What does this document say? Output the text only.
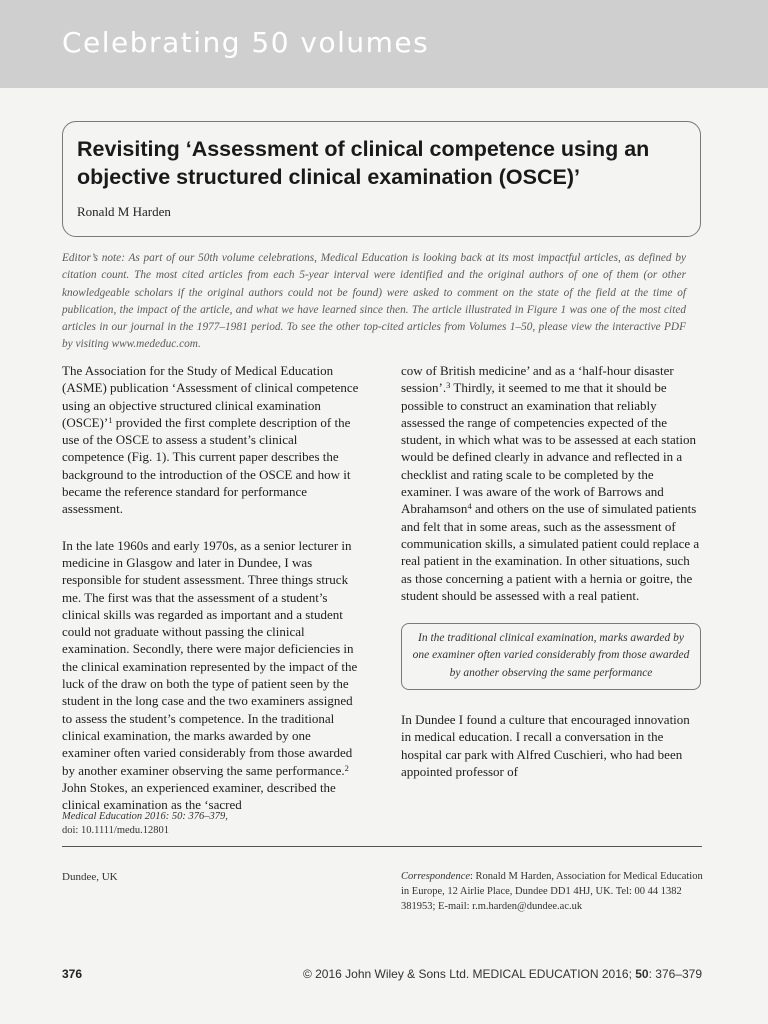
Celebrating 50 volumes
Revisiting ‘Assessment of clinical competence using an objective structured clinical examination (OSCE)’
Ronald M Harden

Editor’s note: As part of our 50th volume celebrations, Medical Education is looking back at its most impactful articles, as defined by citation count. The most cited articles from each 5-year interval were identified and the original authors of one of them (or other knowledgeable scholars if the original authors could not be found) were asked to comment on the state of the field at the time of publication, the impact of the article, and what we have learned since then. The article illustrated in Figure 1 was one of the most cited articles in our journal in the 1977–1981 period. To see the other top-cited articles from Volumes 1–50, please view the interactive PDF by visiting www.meded​uc.com.

The Association for the Study of Medical Education (ASME) publication ‘Assessment of clinical competence using an objective structured clinical examination (OSCE)’$^1$ provided the first complete description of the use of the OSCE to assess a student’s clinical competence (Fig. 1). This current paper describes the background to the introduction of the OSCE and how it became the reference standard for performance assessment.

In the late 1960s and early 1970s, as a senior lecturer in medicine in Glasgow and later in Dundee, I was responsible for student assessment. Three things struck me. The first was that the assessment of a student’s clinical skills was regarded as important and a student could not graduate without passing the clinical examination. Secondly, there were major deficiencies in the clinical examination represented by the impact of the luck of the draw on both the type of patient seen by the student in the long case and the two examiners assigned to assess the student’s competence. In the traditional clinical examination, the marks awarded by one examiner often varied considerably from those awarded by another examiner observing the same performance.$^2$ John Stokes, an experienced examiner, described the clinical examination as the ‘sacred

cow of British medicine’ and as a ‘half-hour disaster session’.$^3$ Thirdly, it seemed to me that it should be possible to construct an examination that reliably assessed the range of competencies expected of the student, in which what was to be assessed at each station would be defined clearly in advance and reflected in a checklist and rating scale to be completed by the examiner. I was aware of the work of Barrows and Abrahamson$^4$ and others on the use of simulated patients and felt that in some areas, such as the assessment of communication skills, a simulated patient could replace a real patient in the examination. In other situations, such as those concerning a patient with a hernia or goitre, the student should be assessed with a real patient.

In the traditional clinical examination, marks awarded by one examiner often varied considerably from those awarded by another observing the same performance

In Dundee I found a culture that encouraged innovation in medical education. I recall a conversation in the hospital car park with Alfred Cuschieri, who had been appointed professor of

Medical Education 2016: 50: 376–379,
doi: 10.1111/medu.12801
Dundee, UK	Correspondence: Ronald M Harden, Association for Medical Education in Europe, 12 Airlie Place, Dundee DD1 4HJ, UK. Tel: 00 44 1382 381953; E-mail: r.m.harden@dundee.ac.uk
376	© 2016 John Wiley & Sons Ltd. MEDICAL EDUCATION 2016; 50: 376–379
